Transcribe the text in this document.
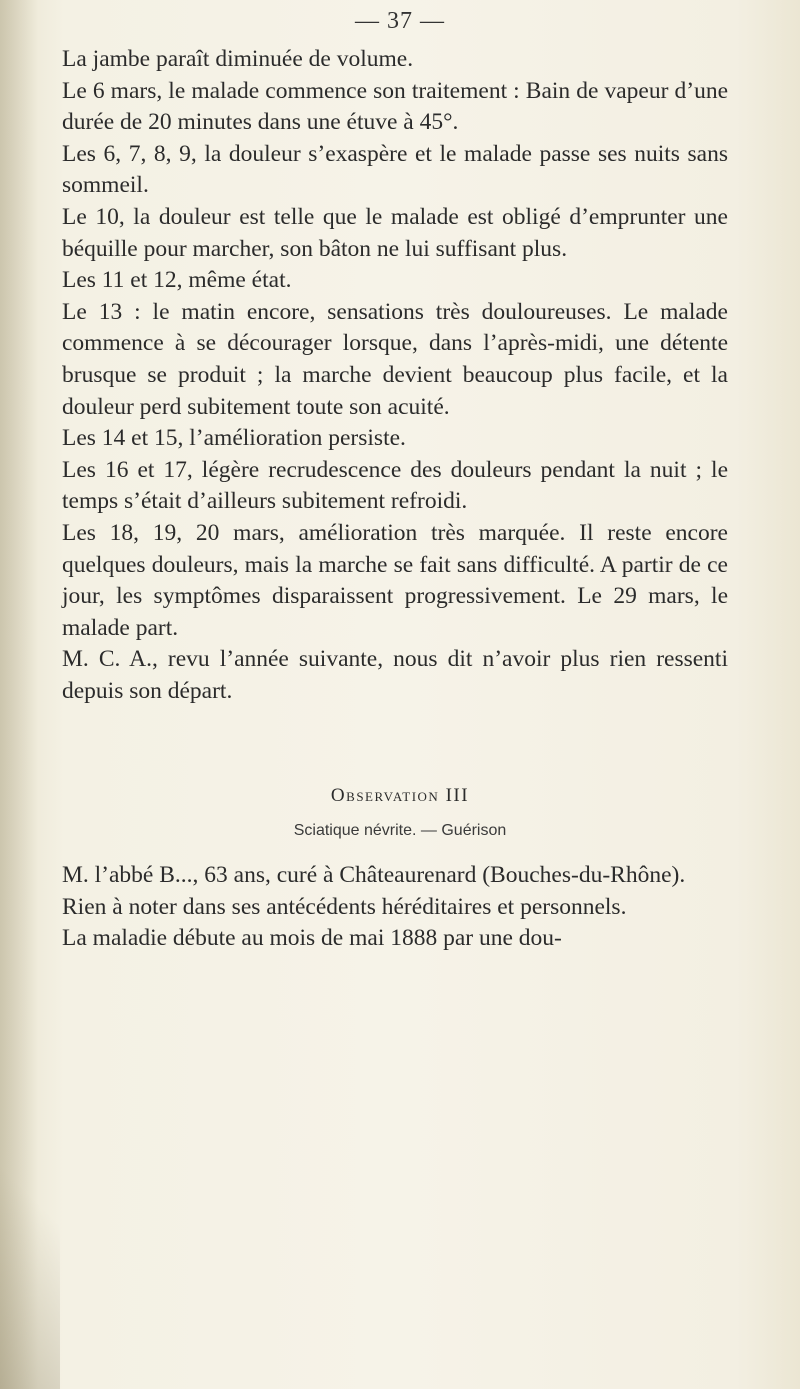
— 37 —

La jambe paraît diminuée de volume.

Le 6 mars, le malade commence son traitement : Bain de vapeur d’une durée de 20 minutes dans une étuve à 45°.

Les 6, 7, 8, 9, la douleur s’exaspère et le malade passe ses nuits sans sommeil.

Le 10, la douleur est telle que le malade est obligé d’emprunter une béquille pour marcher, son bâton ne lui suffisant plus.

Les 11 et 12, même état.

Le 13 : le matin encore, sensations très douloureuses. Le malade commence à se décourager lorsque, dans l’après-midi, une détente brusque se produit ; la marche devient beaucoup plus facile, et la douleur perd subitement toute son acuité.

Les 14 et 15, l’amélioration persiste.

Les 16 et 17, légère recrudescence des douleurs pendant la nuit ; le temps s’était d’ailleurs subitement refroidi.

Les 18, 19, 20 mars, amélioration très marquée. Il reste encore quelques douleurs, mais la marche se fait sans difficulté. A partir de ce jour, les symptômes disparaissent progressivement. Le 29 mars, le malade part.

M. C. A., revu l’année suivante, nous dit n’avoir plus rien ressenti depuis son départ.

Observation III
Sciatique névrite. — Guérison

M. l’abbé B..., 63 ans, curé à Châteaurenard (Bouches-du-Rhône).

Rien à noter dans ses antécédents héréditaires et personnels.

La maladie débute au mois de mai 1888 par une dou-
